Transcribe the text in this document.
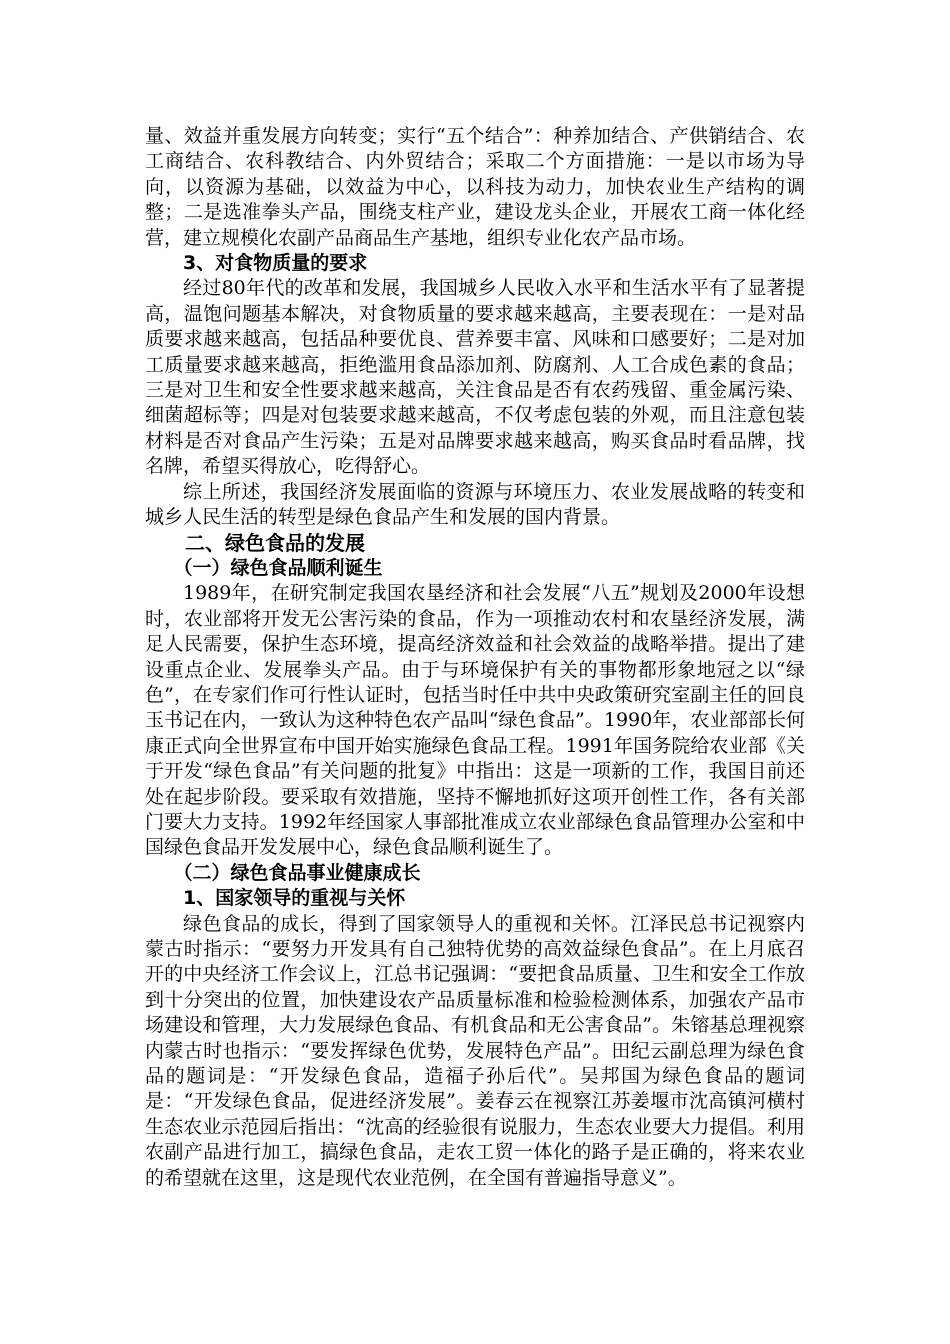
量、效益并重发展方向转变；实行“五个结合”：种养加结合、产供销结合、农工商结合、农科教结合、内外贸结合；采取二个方面措施：一是以市场为导向，以资源为基础，以效益为中心，以科技为动力，加快农业生产结构的调整；二是选准拳头产品，围绕支柱产业，建设龙头企业，开展农工商一体化经营，建立规模化农副产品商品生产基地，组织专业化农产品市场。

3、对食物质量的要求

经过80年代的改革和发展，我国城乡人民收入水平和生活水平有了显著提高，温饱问题基本解决，对食物质量的要求越来越高，主要表现在：一是对品质要求越来越高，包括品种要优良、营养要丰富、风味和口感要好；二是对加工质量要求越来越高，拒绝滥用食品添加剂、防腐剂、人工合成色素的食品；三是对卫生和安全性要求越来越高，关注食品是否有农药残留、重金属污染、细菌超标等；四是对包装要求越来越高，不仅考虑包装的外观，而且注意包装材料是否对食品产生污染；五是对品牌要求越来越高，购买食品时看品牌，找名牌，希望买得放心，吃得舒心。

综上所述，我国经济发展面临的资源与环境压力、农业发展战略的转变和城乡人民生活的转型是绿色食品产生和发展的国内背景。

二、绿色食品的发展

（一）绿色食品顺利诞生

1989年，在研究制定我国农垦经济和社会发展“八五”规划及2000年设想时，农业部将开发无公害污染的食品，作为一项推动农村和农垦经济发展，满足人民需要，保护生态环境，提高经济效益和社会效益的战略举措。提出了建设重点企业、发展拳头产品。由于与环境保护有关的事物都形象地冠之以“绿色”，在专家们作可行性认证时，包括当时任中共中央政策研究室副主任的回良玉书记在内，一致认为这种特色农产品叫“绿色食品”。1990年，农业部部长何康正式向全世界宣布中国开始实施绿色食品工程。1991年国务院给农业部《关于开发“绿色食品”有关问题的批复》中指出：这是一项新的工作，我国目前还处在起步阶段。要采取有效措施，坚持不懈地抓好这项开创性工作，各有关部门要大力支持。1992年经国家人事部批准成立农业部绿色食品管理办公室和中国绿色食品开发发展中心，绿色食品顺利诞生了。

（二）绿色食品事业健康成长

1、国家领导的重视与关怀

绿色食品的成长，得到了国家领导人的重视和关怀。江泽民总书记视察内蒙古时指示：“要努力开发具有自己独特优势的高效益绿色食品”。在上月底召开的中央经济工作会议上，江总书记强调：“要把食品质量、卫生和安全工作放到十分突出的位置，加快建设农产品质量标准和检验检测体系，加强农产品市场建设和管理，大力发展绿色食品、有机食品和无公害食品”。朱镕基总理视察内蒙古时也指示：“要发挥绿色优势，发展特色产品”。田纪云副总理为绿色食品的题词是：“开发绿色食品，造福子孙后代”。吴邦国为绿色食品的题词是：“开发绿色食品，促进经济发展”。姜春云在视察江苏姜堰市沈高镇河横村生态农业示范园后指出：“沈高的经验很有说服力，生态农业要大力提倡。利用农副产品进行加工，搞绿色食品，走农工贸一体化的路子是正确的，将来农业的希望就在这里，这是现代农业范例，在全国有普遍指导意义”。
